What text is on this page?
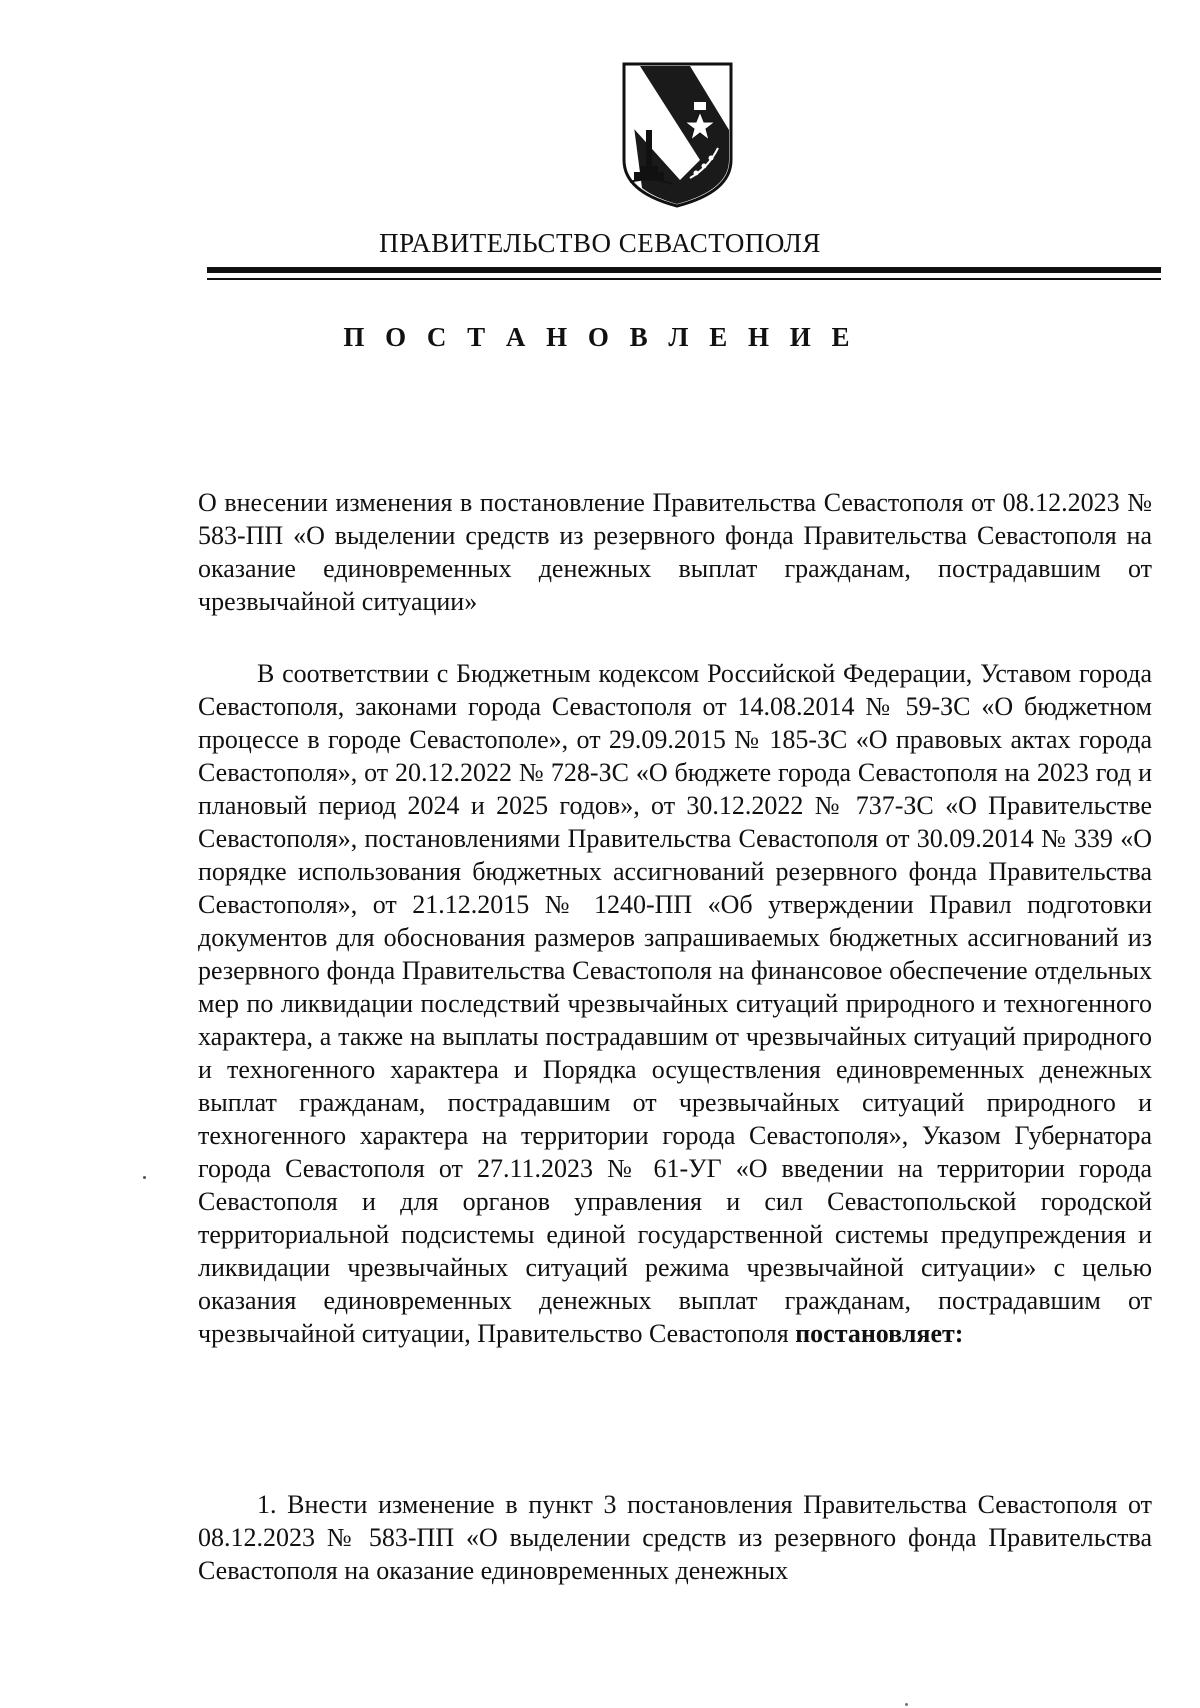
ПРАВИТЕЛЬСТВО СЕВАСТОПОЛЯ
П О С Т А Н О В Л Е Н И Е

О внесении изменения в постановление Правительства Севастополя от 08.12.2023 № 583-ПП «О выделении средств из резервного фонда Правительства Севастополя на оказание единовременных денежных выплат гражданам, пострадавшим от чрезвычайной ситуации»

В соответствии с Бюджетным кодексом Российской Федерации, Уставом города Севастополя, законами города Севастополя от 14.08.2014 № 59-ЗС «О бюджетном процессе в городе Севастополе», от 29.09.2015 № 185-ЗС «О правовых актах города Севастополя», от 20.12.2022 № 728-ЗС «О бюджете города Севастополя на 2023 год и плановый период 2024 и 2025 годов», от 30.12.2022 № 737-ЗС «О Правительстве Севастополя», постановлениями Правительства Севастополя от 30.09.2014 № 339 «О порядке использования бюджетных ассигнований резервного фонда Правительства Севастополя», от 21.12.2015 № 1240-ПП «Об утверждении Правил подготовки документов для обоснования размеров запрашиваемых бюджетных ассигнований из резервного фонда Правительства Севастополя на финансовое обеспечение отдельных мер по ликвидации последствий чрезвычайных ситуаций природного и техногенного характера, а также на выплаты пострадавшим от чрезвычайных ситуаций природного и техногенного характера и Порядка осуществления единовременных денежных выплат гражданам, пострадавшим от чрезвычайных ситуаций природного и техногенного характера на территории города Севастополя», Указом Губернатора города Севастополя от 27.11.2023 № 61-УГ «О введении на территории города Севастополя и для органов управления и сил Севастопольской городской территориальной подсистемы единой государственной системы предупреждения и ликвидации чрезвычайных ситуаций режима чрезвычайной ситуации» с целью оказания единовременных денежных выплат гражданам, пострадавшим от чрезвычайной ситуации, Правительство Севастополя постановляет:

1. Внести изменение в пункт 3 постановления Правительства Севастополя от 08.12.2023 № 583-ПП «О выделении средств из резервного фонда Правительства Севастополя на оказание единовременных денежных
